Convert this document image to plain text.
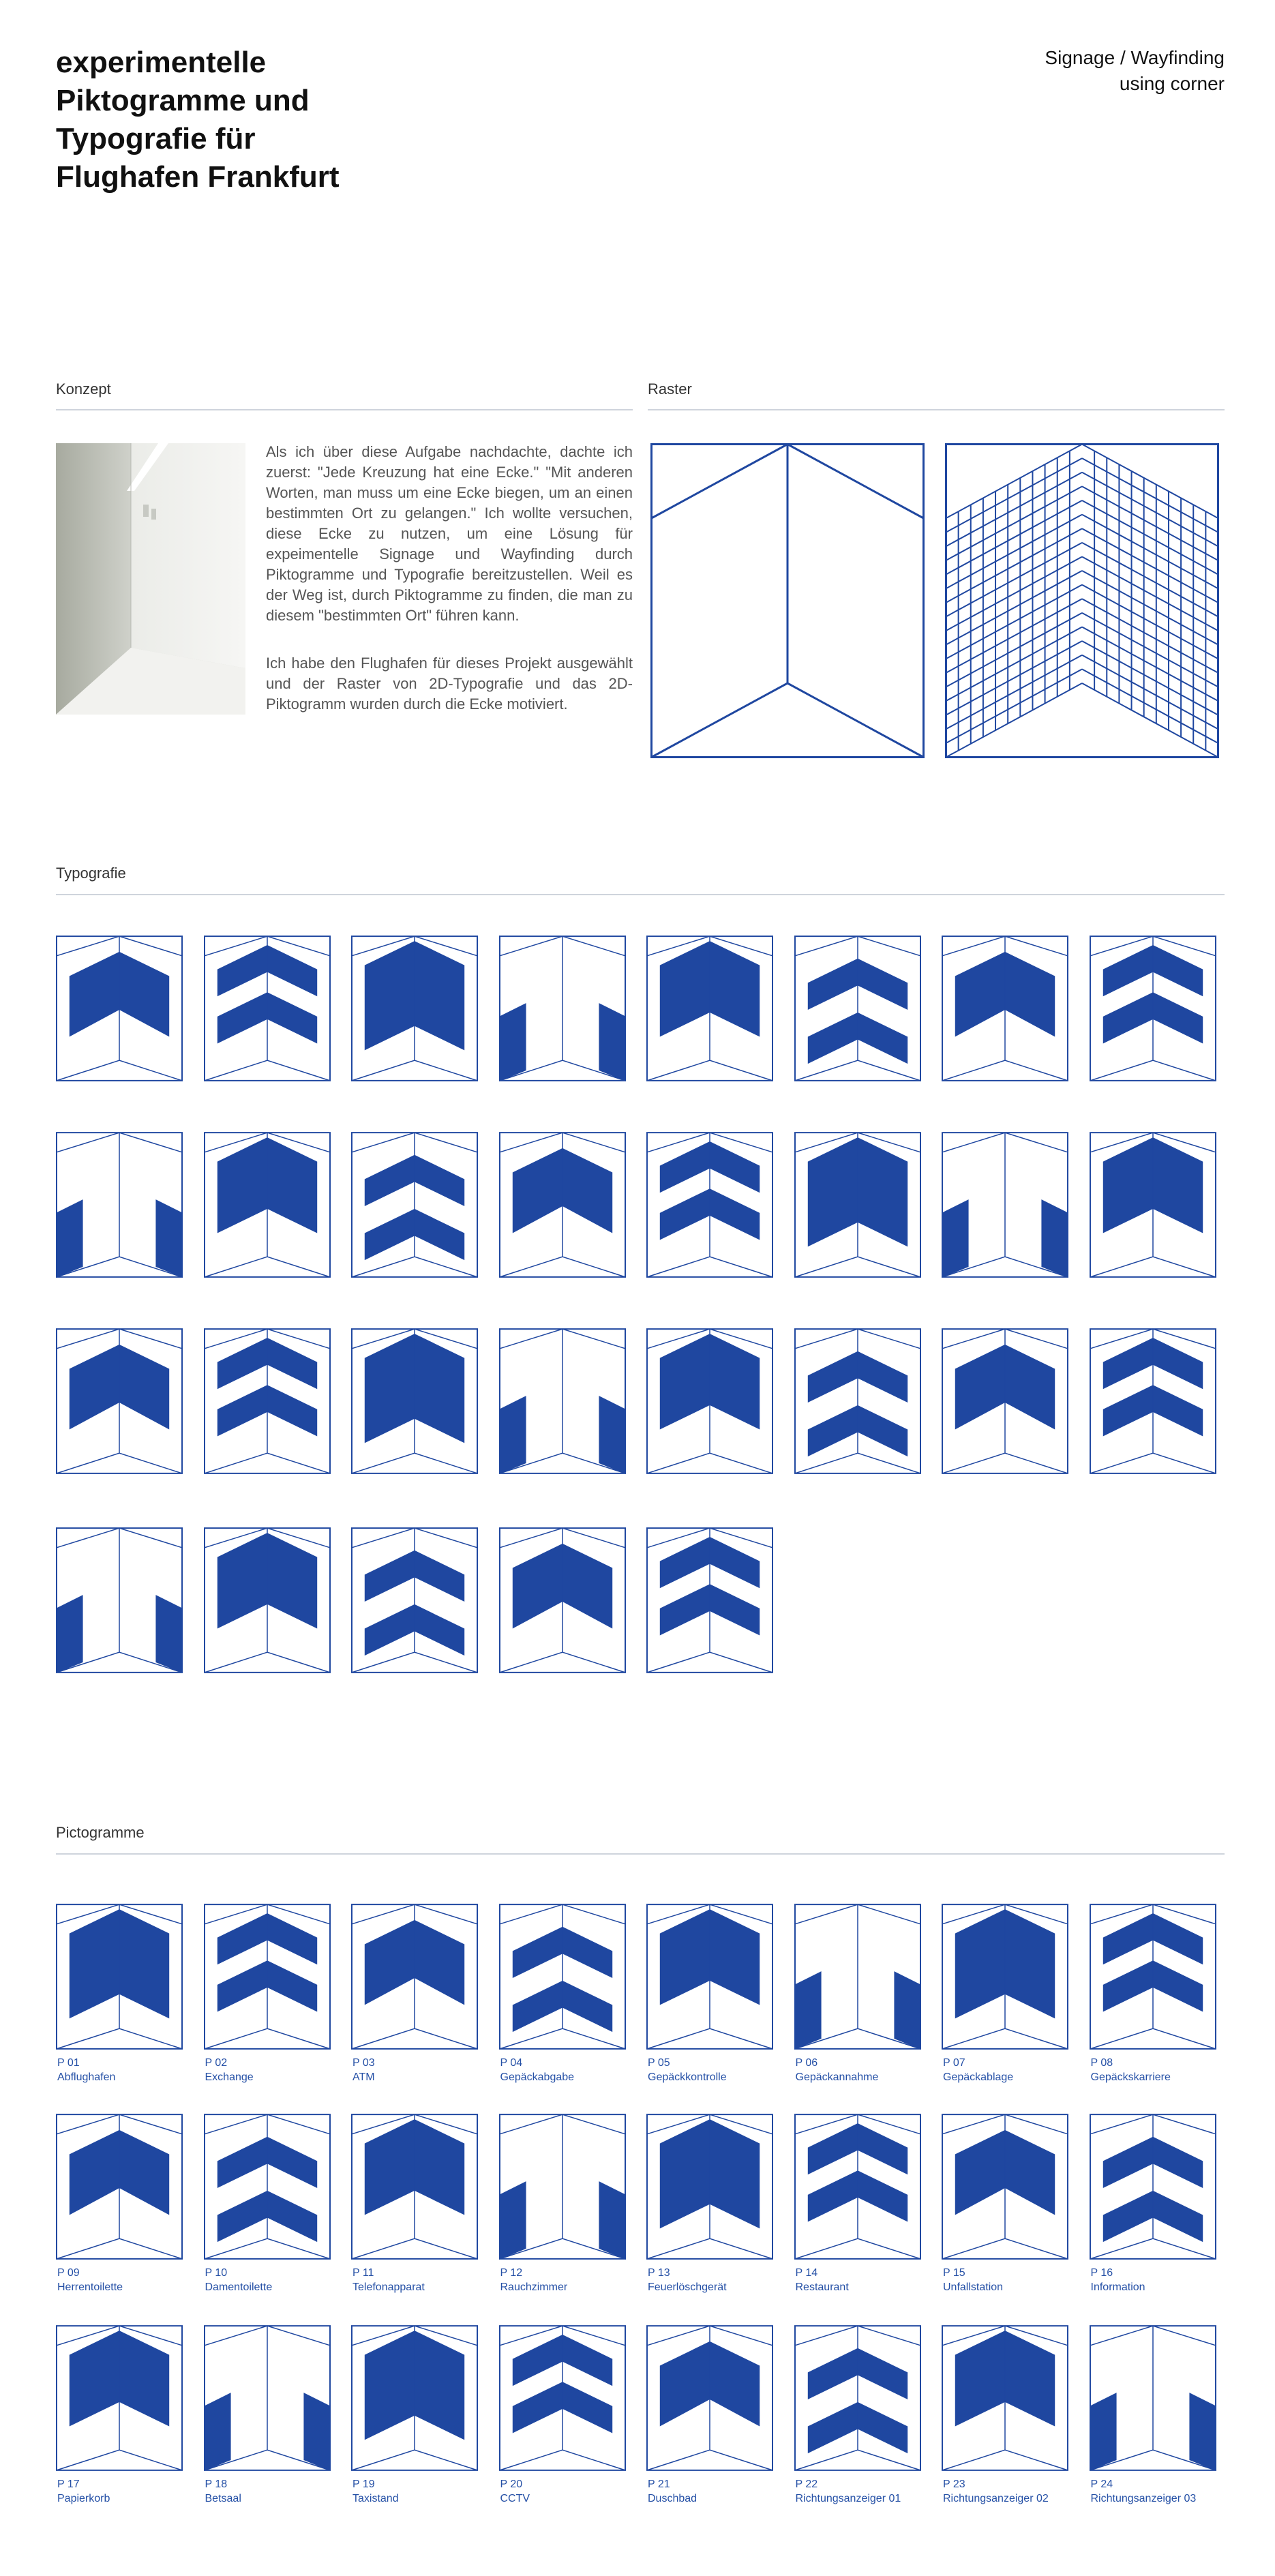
experimentelle
Piktogramme und
Typografie für
Flughafen Frankfurt
Signage / Wayfinding
using corner
Konzept

Als ich über diese Aufgabe nachdachte, dachte ich zuerst: "Jede Kreuzung hat eine Ecke." "Mit anderen Worten, man muss um eine Ecke biegen, um an einen bestimmten Ort zu gelangen." Ich wollte versuchen, diese Ecke zu nutzen, um eine Lösung für expeimentelle Signage und Wayfinding durch Piktogramme und Typografie bereitzustellen. Weil es der Weg ist, durch Piktogramme zu finden, die man zu diesem "bestimmten Ort" führen kann.

Ich habe den Flughafen für dieses Projekt ausgewählt und der Raster von 2D-Typografie und das 2D-Piktogramm wurden durch die Ecke motiviert.

Raster
Typografie
Pictogramme
P 01
Abflughafen
P 02
Exchange
P 03
ATM
P 04
Gepäckabgabe
P 05
Gepäckkontrolle
P 06
Gepäckannahme
P 07
Gepäckablage
P 08
Gepäckskarriere
P 09
Herrentoilette
P 10
Damentoilette
P 11
Telefonapparat
P 12
Rauchzimmer
P 13
Feuerlöschgerät
P 14
Restaurant
P 15
Unfallstation
P 16
Information
P 17
Papierkorb
P 18
Betsaal
P 19
Taxistand
P 20
CCTV
P 21
Duschbad
P 22
Richtungsanzeiger 01
P 23
Richtungsanzeiger 02
P 24
Richtungsanzeiger 03
